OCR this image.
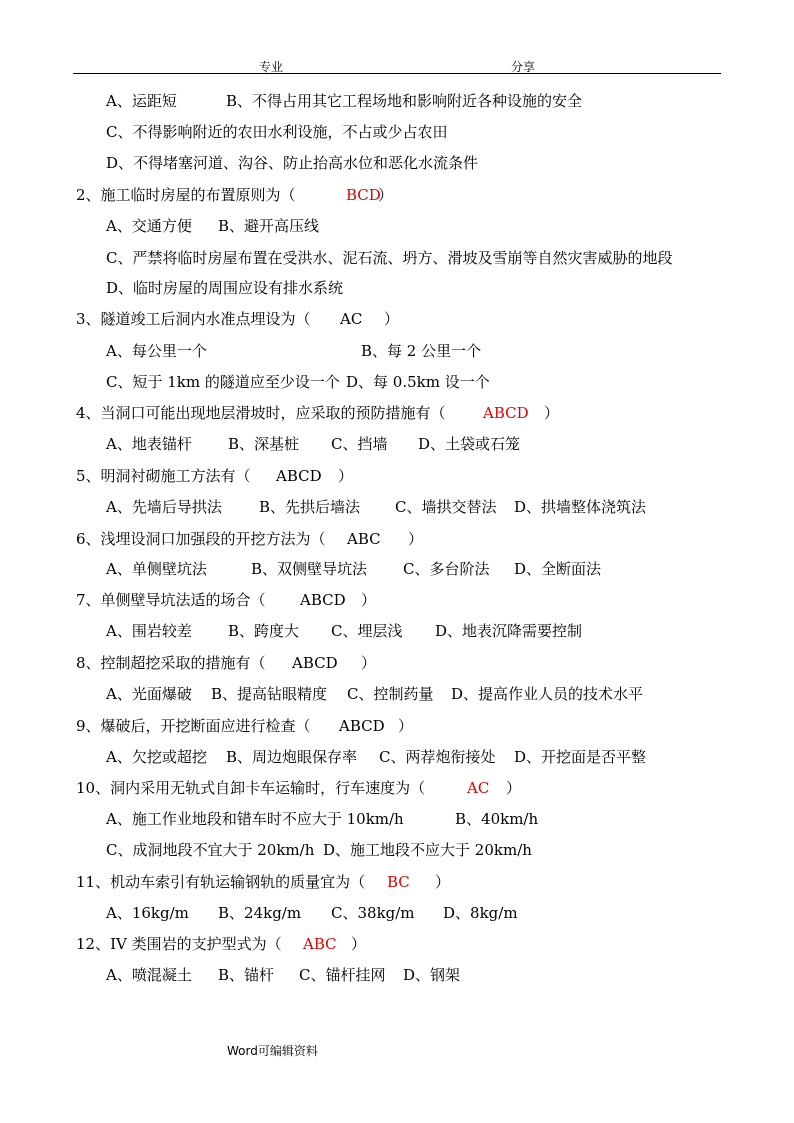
专业	分享
A、运距短	B、不得占用其它工程场地和影响附近各种设施的安全
C、不得影响附近的农田水利设施，不占或少占农田
D、不得堵塞河道、沟谷、防止抬高水位和恶化水流条件
2、施工临时房屋的布置原则为（	BCD
）
A、交通方便 B、避开高压线
C、严禁将临时房屋布置在受洪水、泥石流、坍方、滑坡及雪崩等自然灾害威胁的地段
D、临时房屋的周围应设有排水系统
3、隧道竣工后洞内水准点埋设为（ AC ）
A、每公里一个	B、每 2 公里一个
C、短于 1km 的隧道应至少设一个 D、每 0.5km 设一个
4、当洞口可能出现地层滑坡时，应采取的预防措施有（ ABCD ）
A、地表锚杆 B、深基桩 C、挡墙 D、土袋或石笼
5、明洞衬砌施工方法有（ ABCD ）
A、先墙后导拱法 B、先拱后墙法 C、墙拱交替法 D、拱墙整体浇筑法
6、浅埋设洞口加强段的开挖方法为（ ABC ）
A、单侧壁坑法	B、双侧壁导坑法 C、多台阶法 D、全断面法
7、单侧壁导坑法适的场合（ ABCD ）
A、围岩较差 B、跨度大 C、埋层浅 D、地表沉降需要控制
8、控制超挖采取的措施有（ ABCD ）
A、光面爆破 B、提高钻眼精度 C、控制药量 D、提高作业人员的技术水平
9、爆破后，开挖断面应进行检查（ ABCD ）
A、欠挖或超挖 B、周边炮眼保存率 C、两荐炮衔接处 D、开挖面是否平整
10、洞内采用无轨式自卸卡车运输时，行车速度为（	AC ）
A、施工作业地段和错车时不应大于 10km/h	B、40km/h
C、成洞地段不宜大于 20km/h D、施工地段不应大于 20km/h
11、机动车索引有轨运输钢轨的质量宜为（ BC ）
A、16kg/m B、24kg/m C、38kg/m D、8kg/m
12、IV 类围岩的支护型式为（ ABC ）
A、喷混凝土 B、锚杆 C、锚杆挂网 D、钢架
Word可编辑资料
